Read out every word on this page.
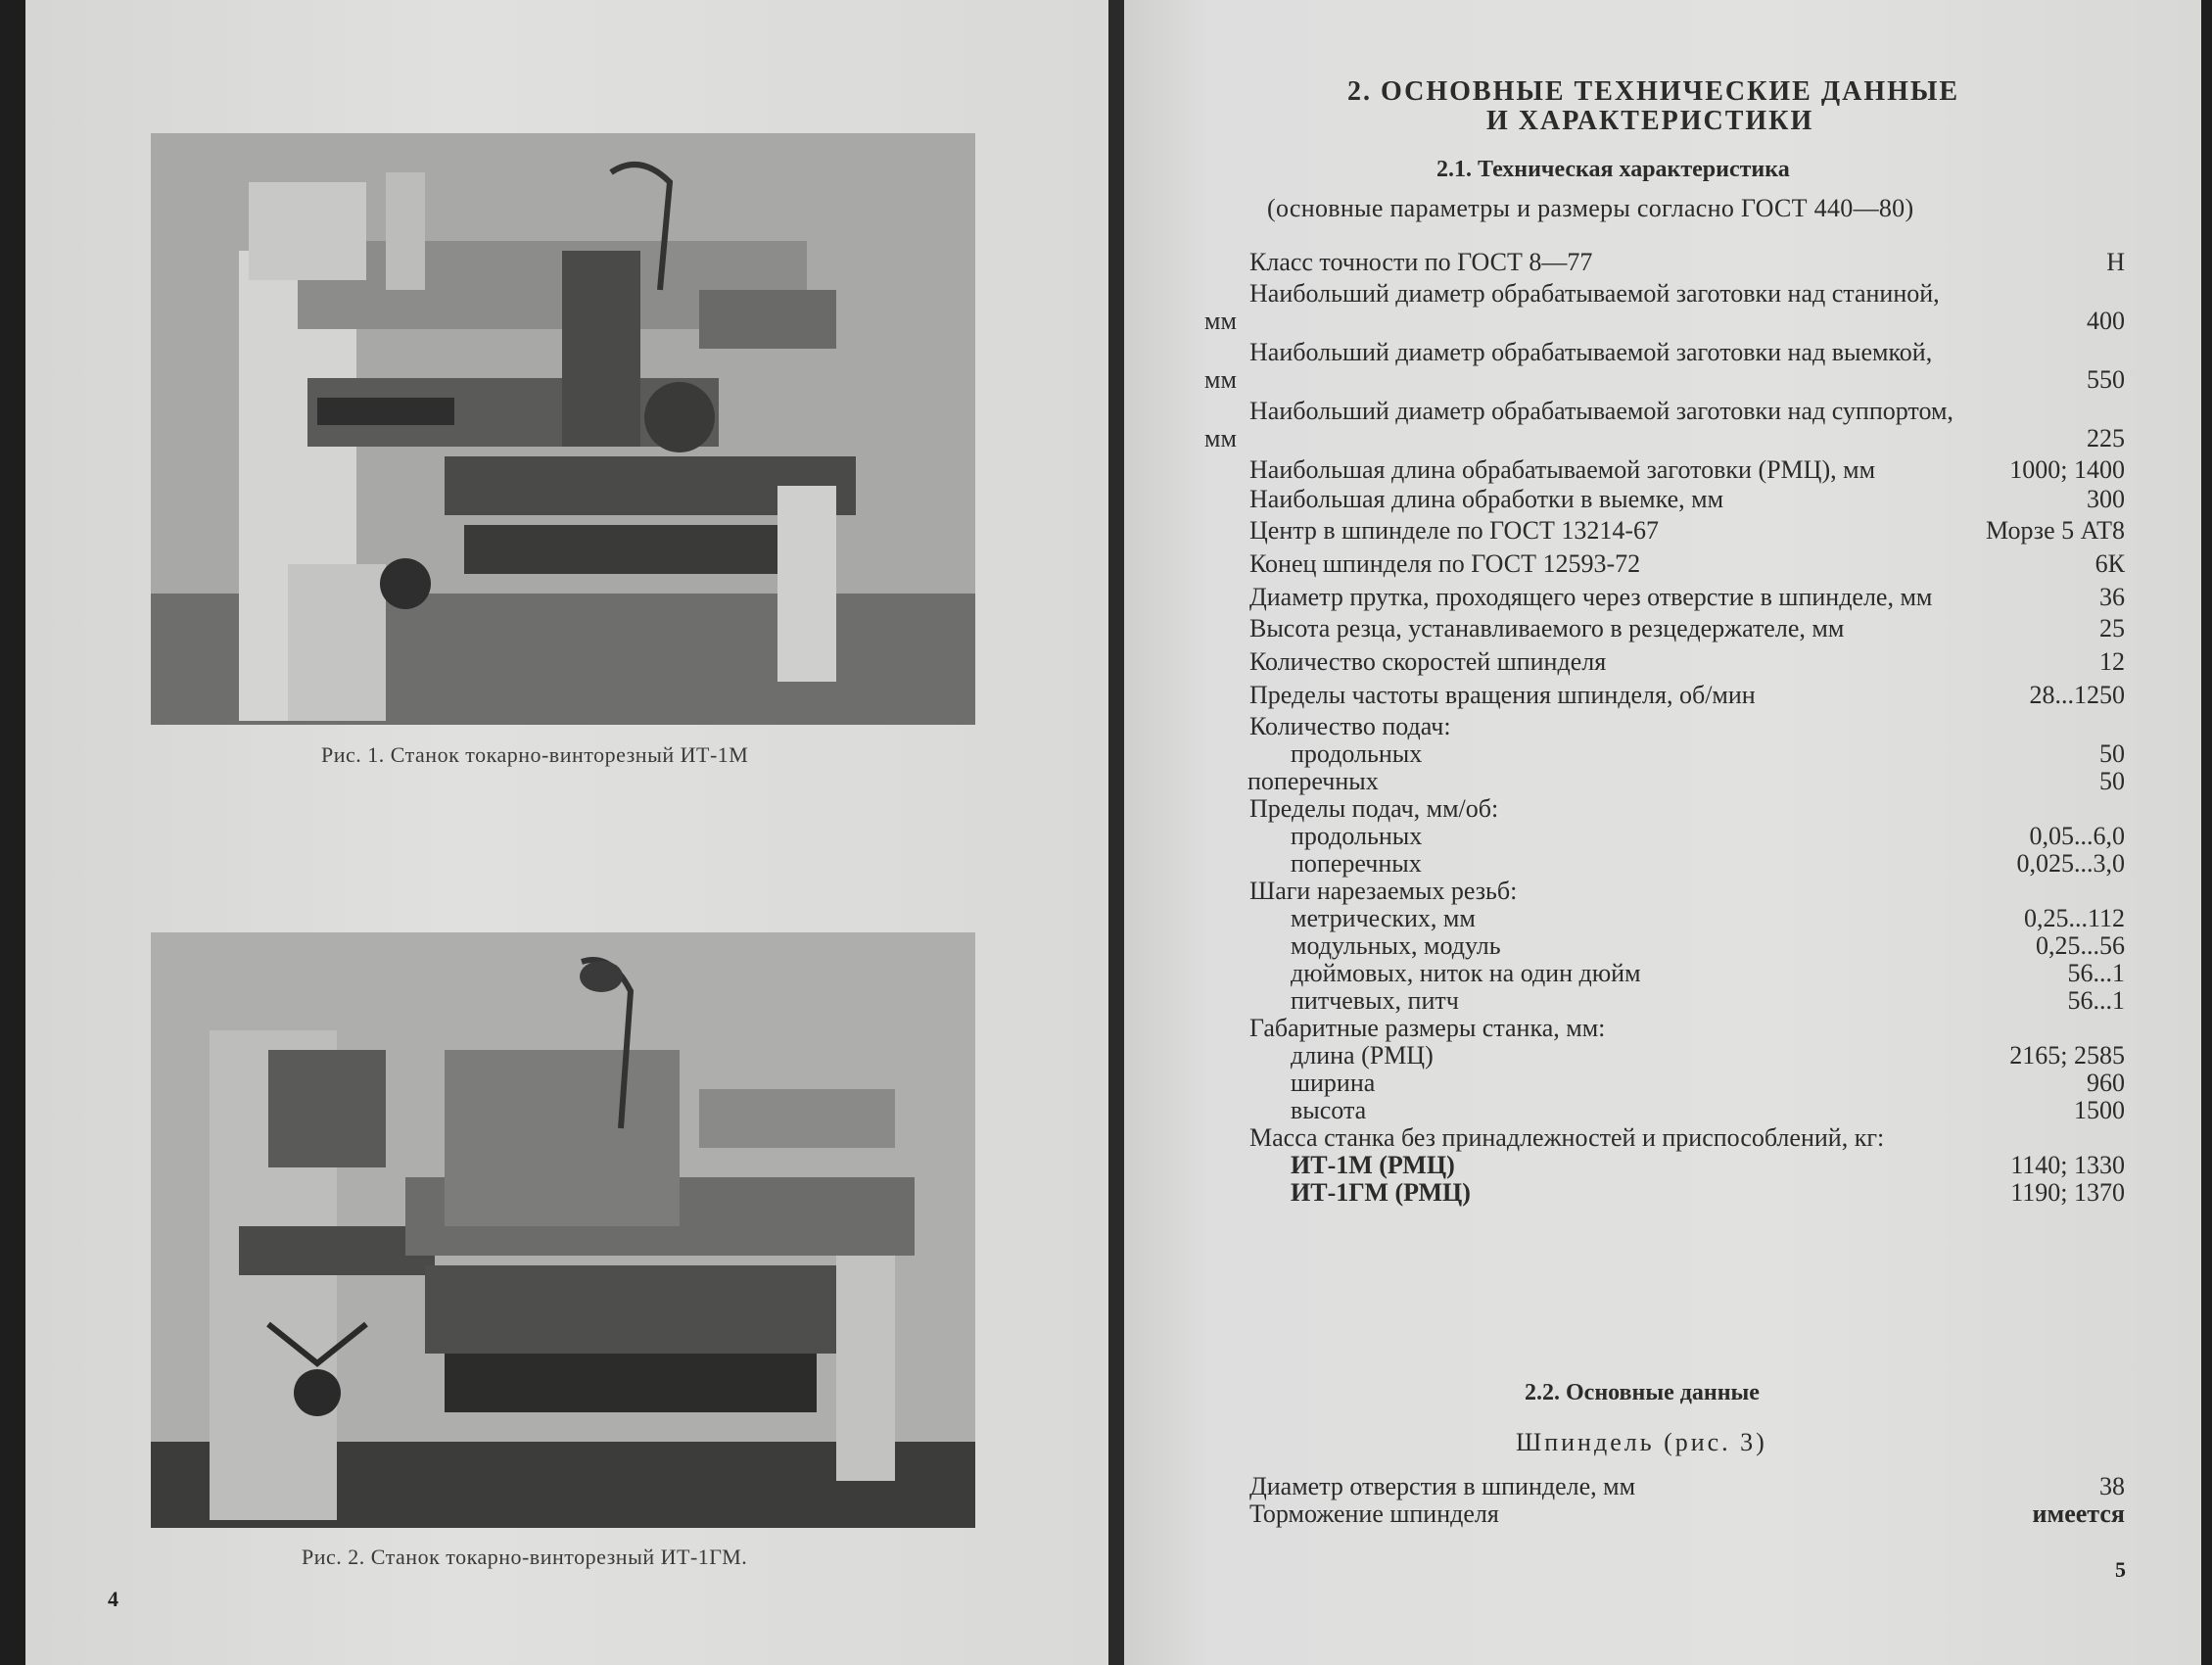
Рис. 1. Станок токарно-винторезный ИТ-1М
Рис. 2. Станок токарно-винторезный ИТ-1ГМ.
4
2. ОСНОВНЫЕ ТЕХНИЧЕСКИЕ ДАННЫЕ
И ХАРАКТЕРИСТИКИ
2.1. Техническая характеристика
(основные параметры и размеры согласно ГОСТ 440—80)
Класс точности по ГОСТ 8—77	Н
Наибольший диаметр обрабатываемой заготовки над станиной, мм	400
Наибольший диаметр обрабатываемой заготовки над выемкой, мм	550
Наибольший диаметр обрабатываемой заготовки над суппортом, мм	225
Наибольшая длина обрабатываемой заготовки (РМЦ), мм	1000; 1400
Наибольшая длина обработки в выемке, мм	300
Центр в шпинделе по ГОСТ 13214-67	Морзе 5 АТ8
Конец шпинделя по ГОСТ 12593-72	6К
Диаметр прутка, проходящего через отверстие в шпинделе, мм	36
Высота резца, устанавливаемого в резцедержателе, мм	25
Количество скоростей шпинделя	12
Пределы частоты вращения шпинделя, об/мин	28...1250
Количество подач:
продольных	50
поперечных	50
Пределы подач, мм/об:
продольных	0,05...6,0
поперечных	0,025...3,0
Шаги нарезаемых резьб:
метрических, мм	0,25...112
модульных, модуль	0,25...56
дюймовых, ниток на один дюйм	56...1
питчевых, питч	56...1
Габаритные размеры станка, мм:
длина (РМЦ)	2165; 2585
ширина	960
высота	1500
Масса станка без принадлежностей и приспособлений, кг:
ИТ-1М (РМЦ)	1140; 1330
ИТ-1ГМ (РМЦ)	1190; 1370
2.2. Основные данные
Шпиндель (рис. 3)
Диаметр отверстия в шпинделе, мм	38
Торможение шпинделя	имеется
5
